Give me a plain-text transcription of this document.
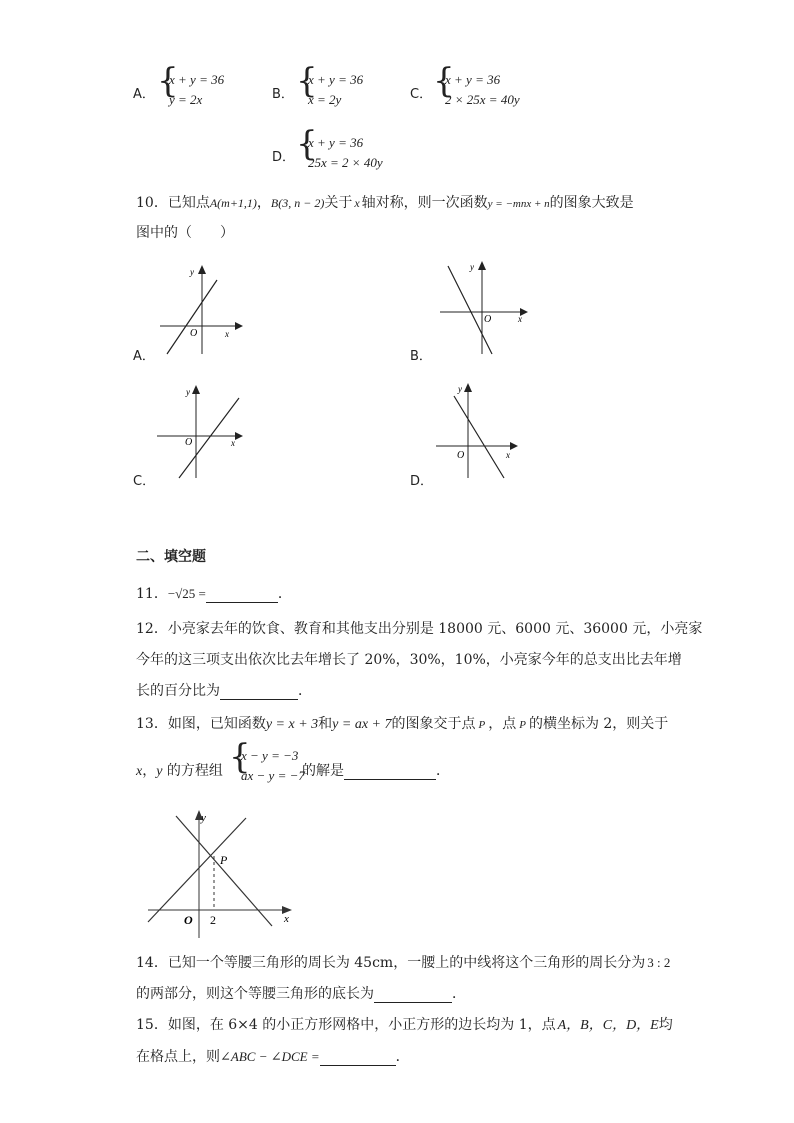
A． {
x + y = 36
y = 2x	B． {
x + y = 36
x = 2y	C． {
x + y = 36
2 × 25x = 40y
D． {
x + y = 36
25x = 2 × 40y
10．已知点A(m+1,1)，B(3, n − 2)关于 x 轴对称，则一次函数y = −mnx + n的图象大致是
图中的（　　）
x
y
O
A．
x
y
O
B．
x
y
O
C．
x
y
O
D．
二、填空题
11．−√25 =	．
12．小亮家去年的饮食、教育和其他支出分别是 18000 元、6000 元、36000 元，小亮家
今年的这三项支出依次比去年增长了 20%，30%，10%，小亮家今年的总支出比去年增
长的百分比为	．
13．如图，已知函数y = x + 3和y = ax + 7的图象交于点 P ，点 P 的横坐标为 2，则关于
x，y 的方程组 {
x − y = −3
ax − y = −7
的解是	．
x
y
O 2
P
14．已知一个等腰三角形的周长为 45cm，一腰上的中线将这个三角形的周长分为 3 : 2
的两部分，则这个等腰三角形的底长为	．
15．如图，在 6×4 的小正方形网格中，小正方形的边长均为 1，点 A，B，C，D，E均
在格点上，则∠ABC − ∠DCE =	．
